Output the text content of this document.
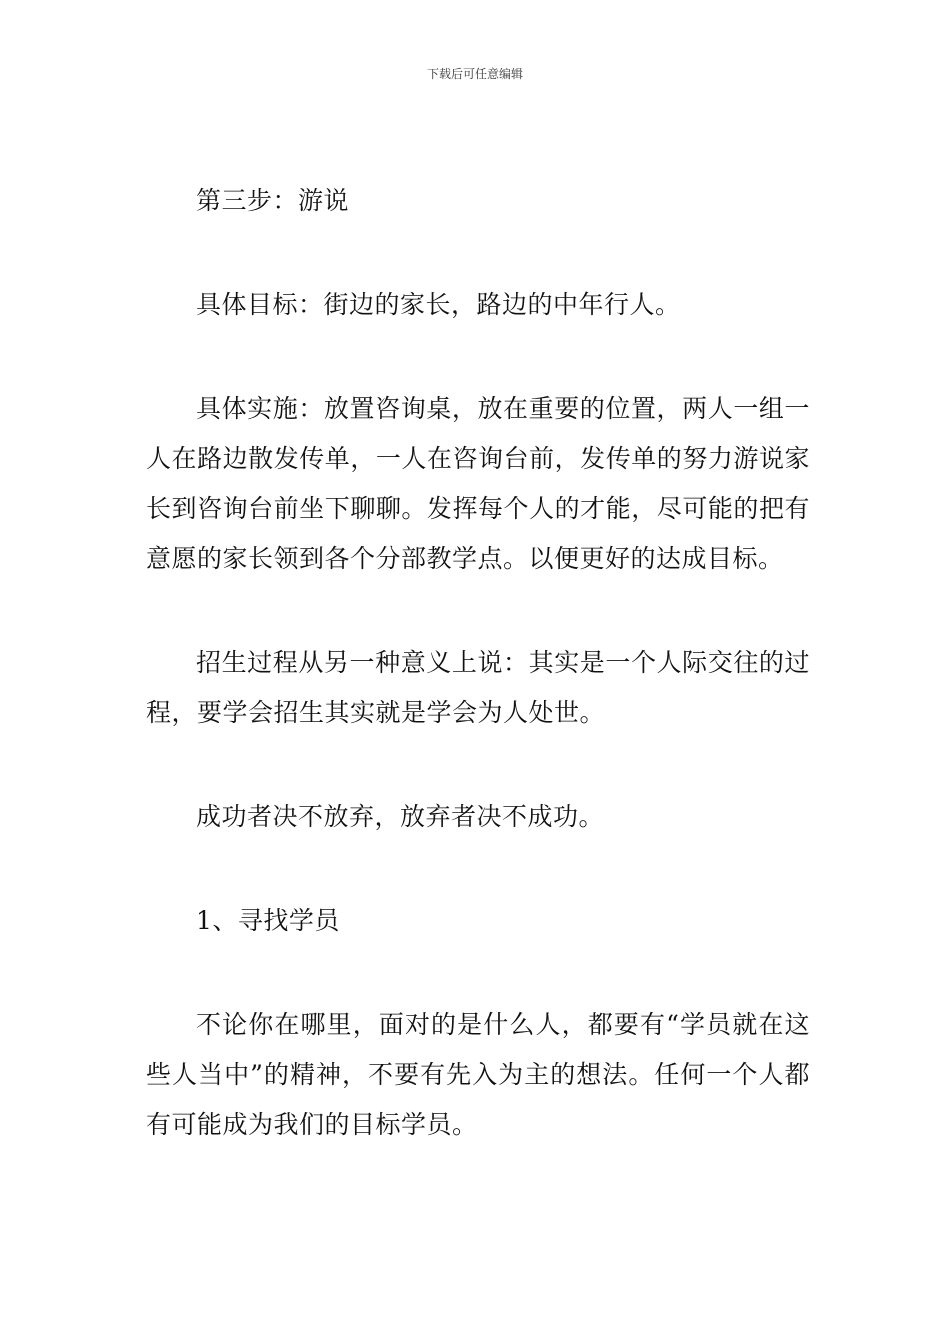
下载后可任意编辑

第三步：游说

具体目标：街边的家长，路边的中年行人。

具体实施：放置咨询桌，放在重要的位置，两人一组一人在路边散发传单，一人在咨询台前，发传单的努力游说家长到咨询台前坐下聊聊。发挥每个人的才能，尽可能的把有意愿的家长领到各个分部教学点。以便更好的达成目标。

招生过程从另一种意义上说：其实是一个人际交往的过程，要学会招生其实就是学会为人处世。

成功者决不放弃，放弃者决不成功。

1、寻找学员

不论你在哪里，面对的是什么人，都要有“学员就在这些人当中”的精神，不要有先入为主的想法。任何一个人都有可能成为我们的目标学员。
